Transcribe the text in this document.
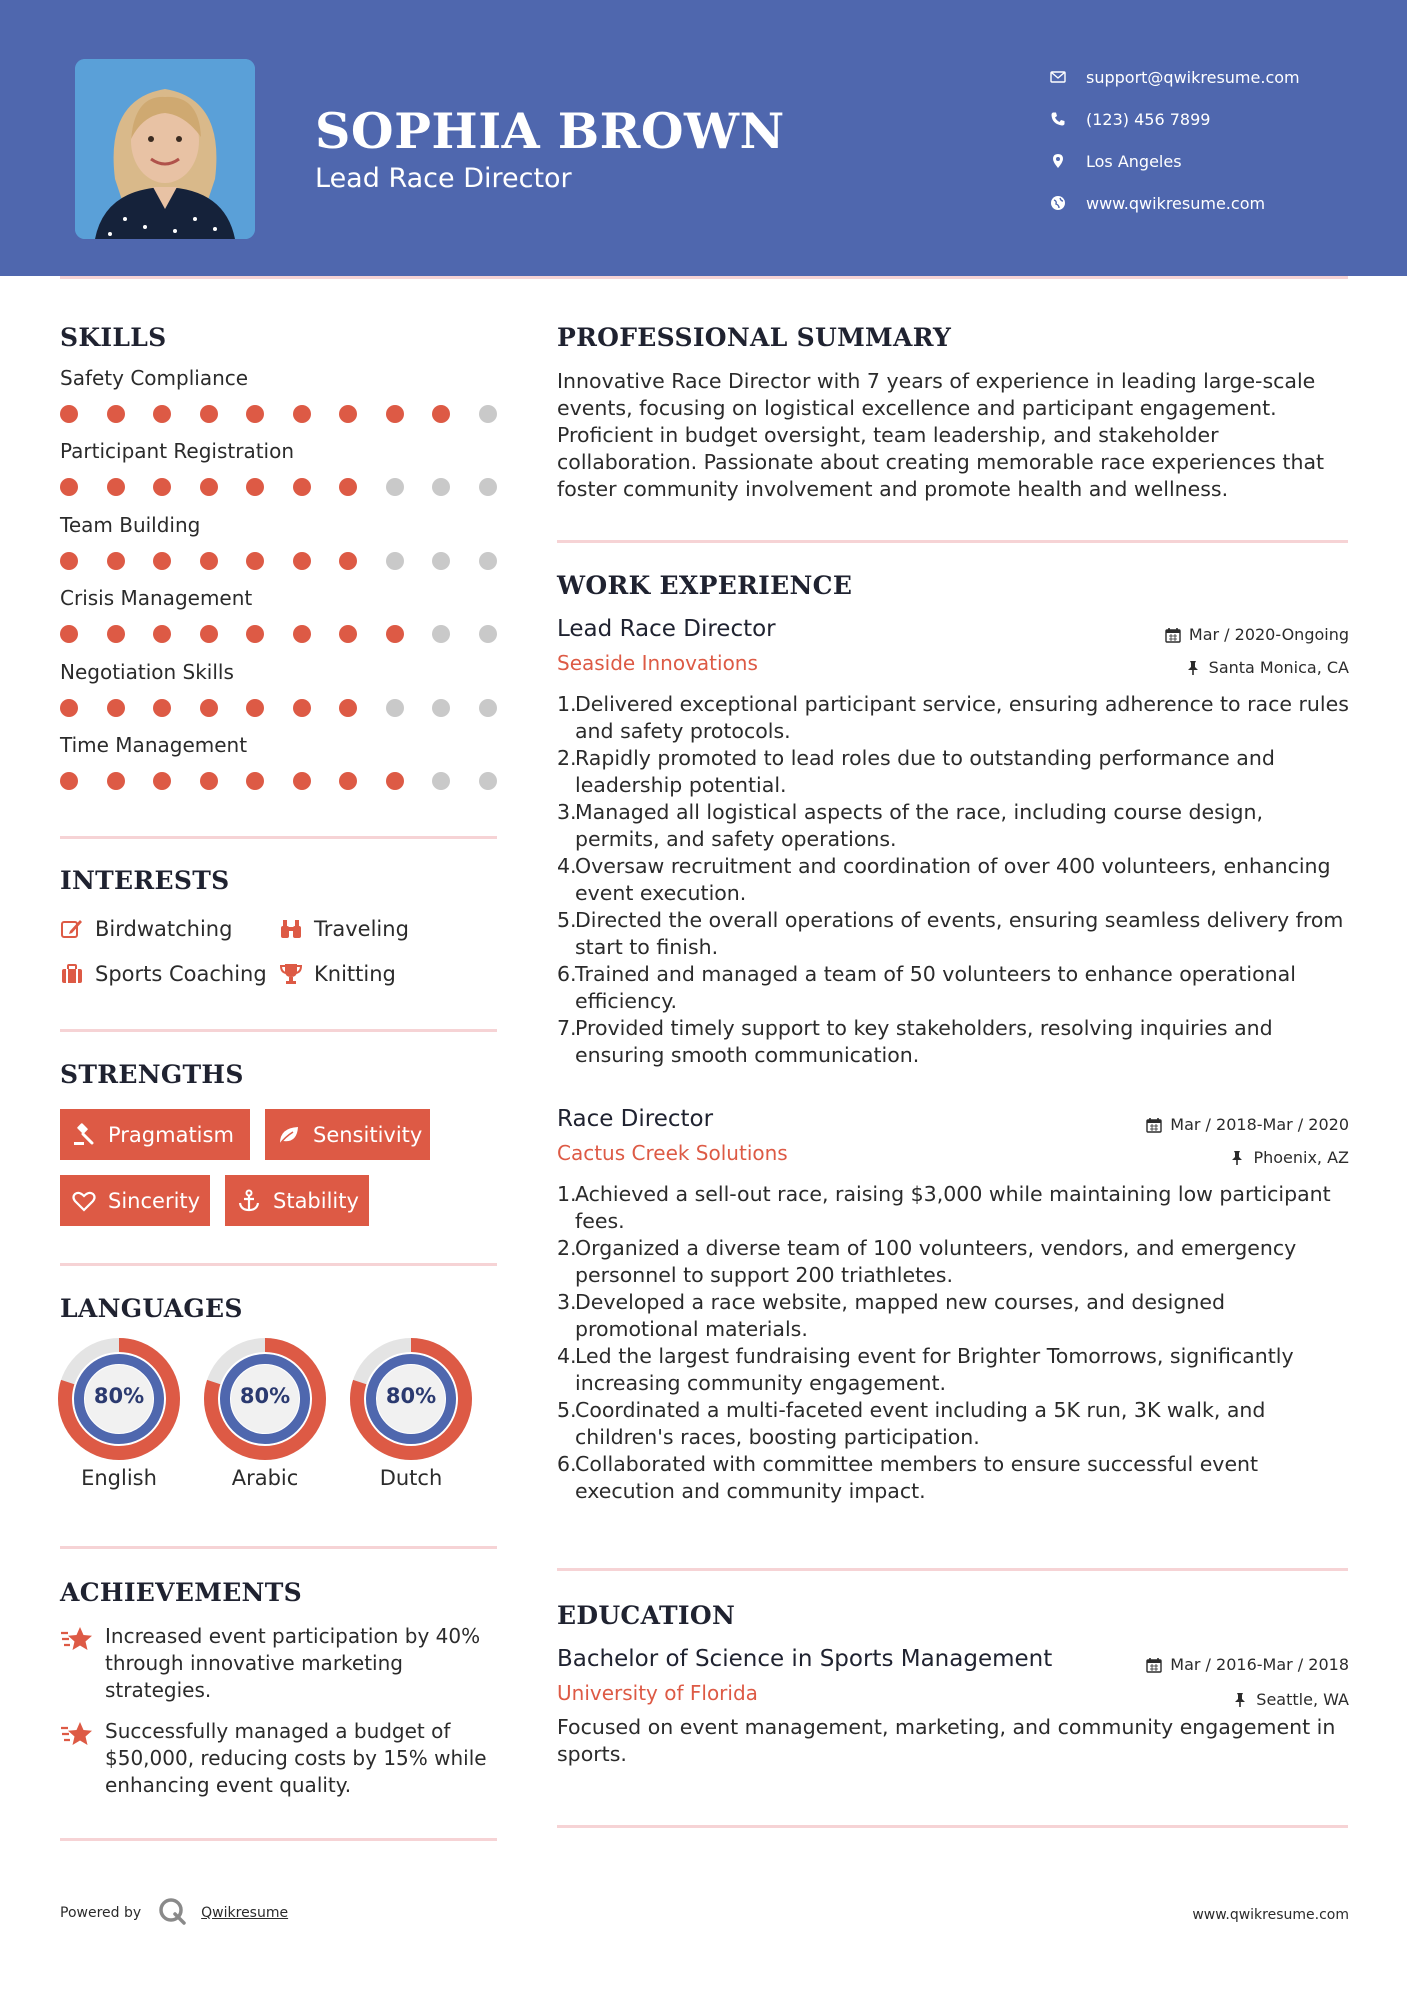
SOPHIA BROWN
Lead Race Director
support@qwikresume.com
(123) 456 7899
Los Angeles
www.qwikresume.com
SKILLS
Safety Compliance
Participant Registration
Team Building
Crisis Management
Negotiation Skills
Time Management
INTERESTS
Birdwatching	Traveling
Sports Coaching Knitting
STRENGTHS
Pragmatism	Sensitivity
Sincerity	Stability
LANGUAGES
80%
English
80%
Arabic
80%
Dutch
ACHIEVEMENTS
Increased event participation by 40% through innovative marketing strategies.
Successfully managed a budget of $50,000, reducing costs by 15% while enhancing event quality.
PROFESSIONAL SUMMARY
Innovative Race Director with 7 years of experience in leading large-scale events, focusing on logistical excellence and participant engagement. Proficient in budget oversight, team leadership, and stakeholder collaboration. Passionate about creating memorable race experiences that foster community involvement and promote health and wellness.
WORK EXPERIENCE
Lead Race Director
Seaside Innovations
Mar / 2020-Ongoing
Santa Monica, CA
1.
Delivered exceptional participant service, ensuring adherence to race rules and safety protocols.
2.
Rapidly promoted to lead roles due to outstanding performance and leadership potential.
3.
Managed all logistical aspects of the race, including course design, permits, and safety operations.
4.
Oversaw recruitment and coordination of over 400 volunteers, enhancing event execution.
5.
Directed the overall operations of events, ensuring seamless delivery from start to finish.
6.
Trained and managed a team of 50 volunteers to enhance operational efficiency.
7.
Provided timely support to key stakeholders, resolving inquiries and ensuring smooth communication.
Race Director
Cactus Creek Solutions
Mar / 2018-Mar / 2020
Phoenix, AZ
1.
Achieved a sell-out race, raising $3,000 while maintaining low participant fees.
2.
Organized a diverse team of 100 volunteers, vendors, and emergency personnel to support 200 triathletes.
3.
Developed a race website, mapped new courses, and designed promotional materials.
4.
Led the largest fundraising event for Brighter Tomorrows, significantly increasing community engagement.
5.
Coordinated a multi-faceted event including a 5K run, 3K walk, and children's races, boosting participation.
6.
Collaborated with committee members to ensure successful event execution and community impact.
EDUCATION
Bachelor of Science in Sports Management
University of Florida
Mar / 2016-Mar / 2018
Seattle, WA
Focused on event management, marketing, and community engagement in sports.
Powered by	Qwikresume	www.qwikresume.com
